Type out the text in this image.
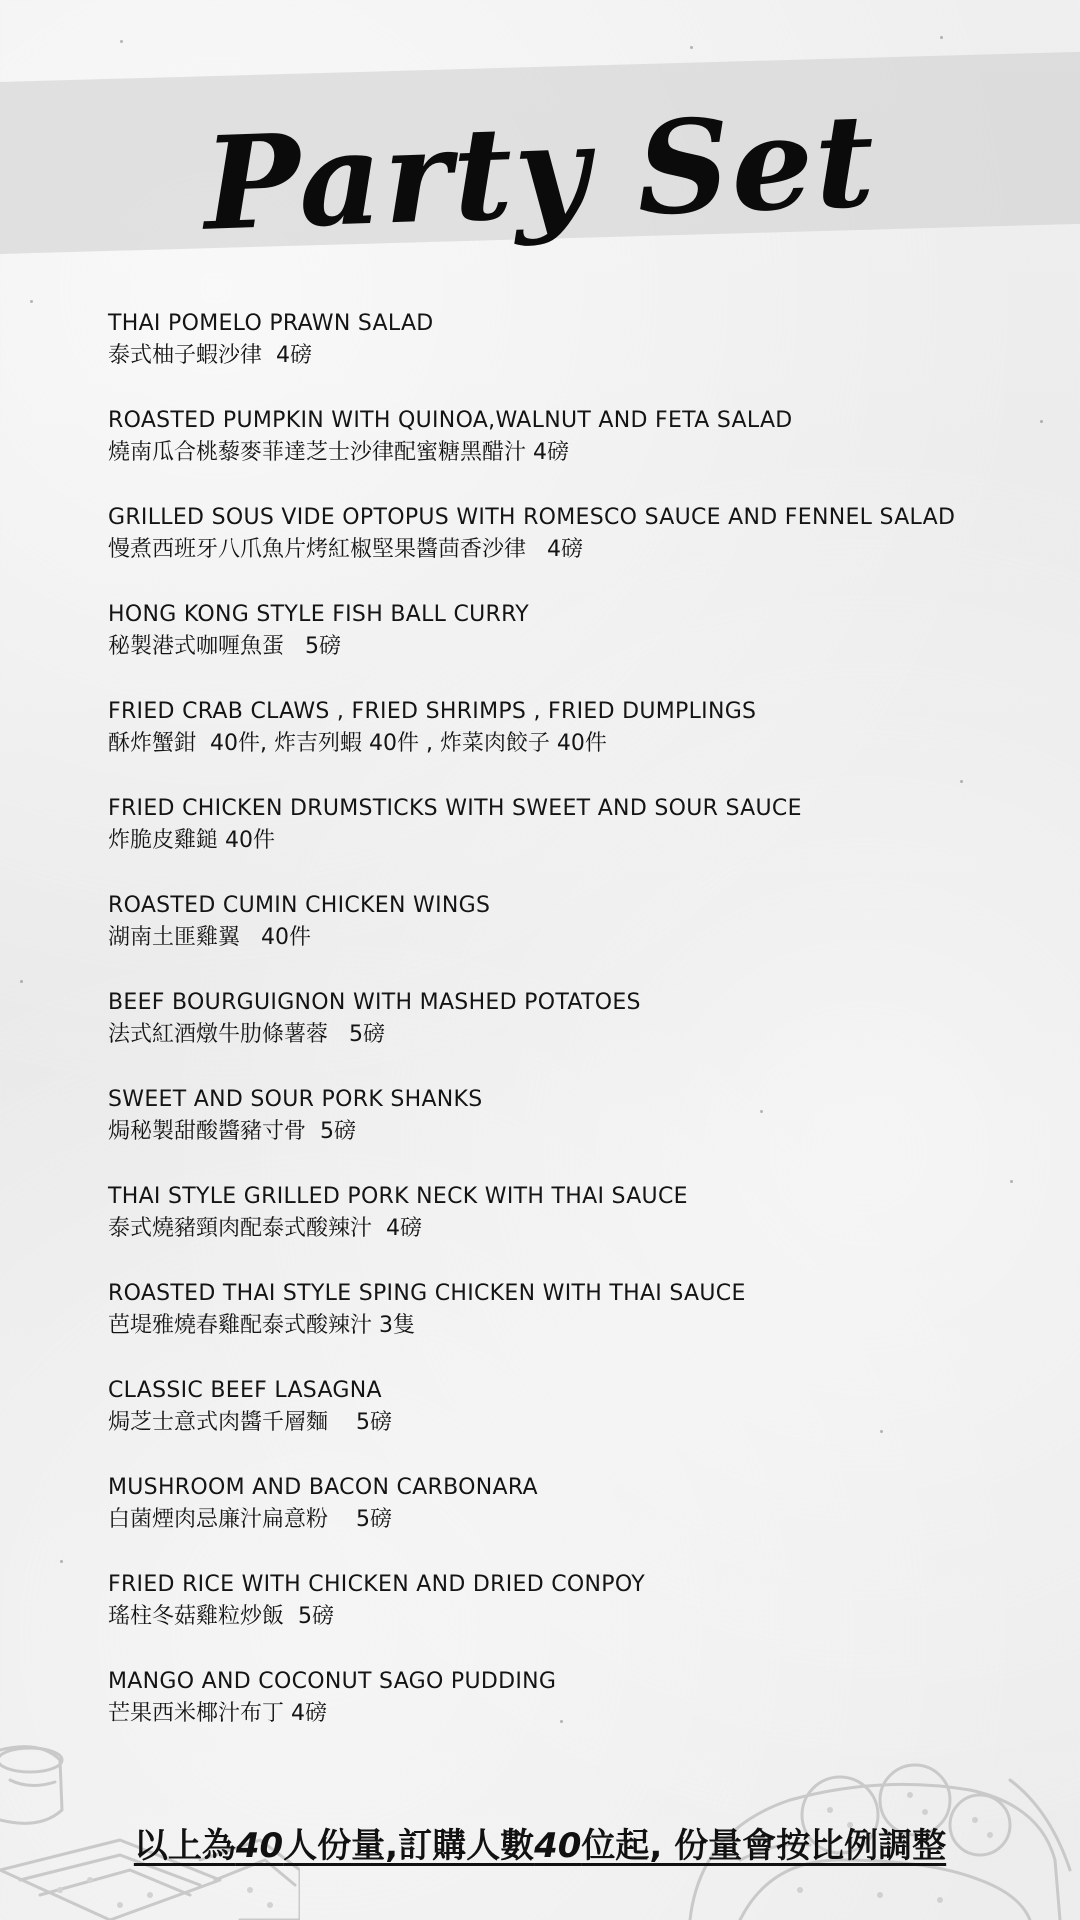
Party Set
THAI POMELO PRAWN SALAD
泰式柚子蝦沙律  4磅
ROASTED PUMPKIN WITH QUINOA,WALNUT AND FETA SALAD
燒南瓜合桃藜麥菲達芝士沙律配蜜糖黑醋汁 4磅
GRILLED SOUS VIDE OPTOPUS WITH ROMESCO SAUCE AND FENNEL SALAD
慢煮西班牙八爪魚片烤紅椒堅果醬茴香沙律   4磅
HONG KONG STYLE FISH BALL CURRY
秘製港式咖喱魚蛋   5磅
FRIED CRAB CLAWS , FRIED SHRIMPS , FRIED DUMPLINGS
酥炸蟹鉗  40件, 炸吉列蝦 40件 , 炸菜肉餃子 40件
FRIED CHICKEN DRUMSTICKS WITH SWEET AND SOUR SAUCE
炸脆皮雞鎚 40件
ROASTED CUMIN CHICKEN WINGS
湖南土匪雞翼   40件
BEEF BOURGUIGNON WITH MASHED POTATOES
法式紅酒燉牛肋條薯蓉   5磅
SWEET AND SOUR PORK SHANKS
焗秘製甜酸醬豬寸骨  5磅
THAI STYLE GRILLED PORK NECK WITH THAI SAUCE
泰式燒豬頸肉配泰式酸辣汁  4磅
ROASTED THAI STYLE SPING CHICKEN WITH THAI SAUCE
芭堤雅燒春雞配泰式酸辣汁 3隻
CLASSIC BEEF LASAGNA
焗芝士意式肉醬千層麵    5磅
MUSHROOM AND BACON CARBONARA
白菌煙肉忌廉汁扁意粉    5磅
FRIED RICE WITH CHICKEN AND DRIED CONPOY
瑤柱冬菇雞粒炒飯  5磅
MANGO AND COCONUT SAGO PUDDING
芒果西米椰汁布丁 4磅
以上為40人份量,訂購人數40位起, 份量會按比例調整
